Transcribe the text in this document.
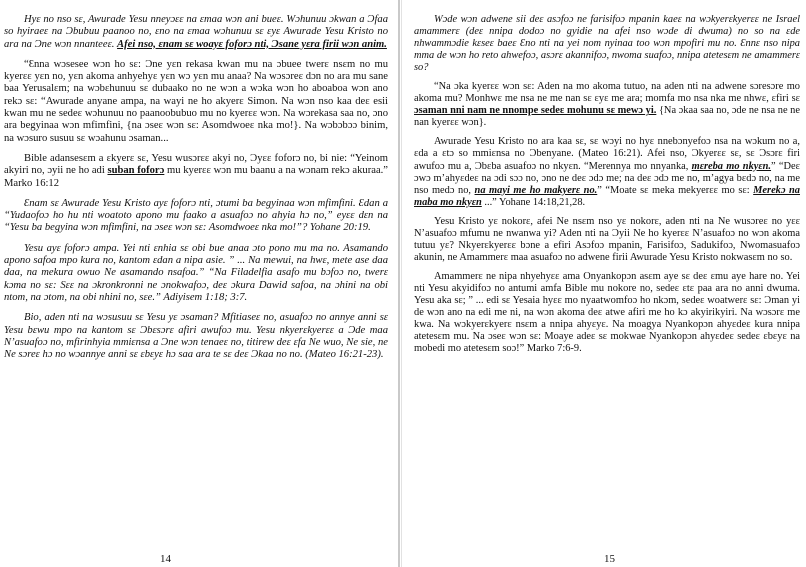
Hyɛ no nso sɛ, Awurade Yesu nneyɔɛɛ na ɛmaa wɔn ani bueɛ. Wɔhunuu ɔkwan a Ɔfaa so hyiraeɛ na Ɔbubuu paanoo no, ɛno na ɛmaa wɔhunuu sɛ ɛyɛ Awurade Yesu Kristo no ara na Ɔne wɔn nnanteeɛ. Afei nso, ɛnam sɛ woayɛ foforɔ nti, Ɔsane yɛra firii wɔn anim.

“Ɛnna wɔsesee wɔn ho sɛ: Ɔne yɛn rekasa kwan mu na ɔbuee twerɛ nsɛm no mu kyerɛɛ yɛn no, yɛn akoma anhyehyɛ yɛn wɔ yɛn mu anaa? Na wɔsɔreɛ dɔn no ara mu sane baa Yerusalɛm; na wɔbɛhunuu sɛ dubaako no ne wɔn a wɔka wɔn ho aboaboa wɔn ano rekɔ sɛ: “Awurade anyane ampa, na wayi ne ho akyerɛ Simon. Na wɔn nso kaa deɛ esii kwan mu ne sedeɛ wɔhunuu no paanoobubuo mu no kyerɛɛ wɔn. Na wɔrekasa saa no, ɔno ara begyinaa wɔn mfimfini, {na ɔseɛ wɔn sɛ: Asomdwoeɛ nka mo!}. Na wɔbɔbɔɔ binim, na wɔsuro susuu sɛ wɔahunu ɔsaman...

Bible adansesɛm a ɛkyerɛ sɛ, Yesu wusɔrɛɛ akyi no, Ɔyɛɛ foforɔ no, bi nie: “Yeinom akyiri no, ɔyii ne ho adi suban foforɔ mu kyerɛɛ wɔn mu baanu a na wɔnam rekɔ akuraa.” Marko 16:12

Ɛnam sɛ Awurade Yesu Kristo ayɛ foforɔ nti, ɔtumi ba begyinaa wɔn mfimfini. Ɛdan a “Yudaofoɔ ho hu nti woatoto apono mu faako a asuafoɔ no ahyia hɔ no,” eyɛɛ dɛn na “Yesu ba begyina wɔn mfimfini, na ɔseɛ wɔn sɛ: Asomdwoeɛ nka mo!”? Yohane 20:19.

Yesu ayɛ foforɔ ampa. Yei nti ɛnhia sɛ obi bue anaa ɔto pono mu ma no. Asamando apono safoa mpo kura no, kantom ɛdan a nipa asie. ” ... Na mewui, na hwɛ, mete ase daa daa, na mekura owuo Ne asamando nsafoa.” “Na Filadelfia asafo mu bɔfoɔ no, twerɛ kɔma no sɛ: Sɛɛ na ɔkronkronni ne ɔnokwafoɔ, deɛ ɔkura Dawid safoa, na ɔhini na obi ntom, na ɔtom, na obi nhini no, sɛe.” Adiyisem 1:18; 3:7.

Bio, aden nti na wɔsusuu sɛ Yesu yɛ ɔsaman? Mfitiaseɛ no, asuafoɔ no annye anni sɛ Yesu bɛwu mpo na kantom sɛ Ɔbɛsɔrɛ afiri awufoɔ mu. Yesu nkyerɛkyerɛɛ a Ɔde maa N’asuafoɔ no, mfirinhyia mmiɛnsa a Ɔne wɔn tenaeɛ no, titirew deɛ ɛfa Ne wuo, Ne sie, ne Ne sɔreɛ hɔ no wɔannye anni sɛ ɛbɛyɛ hɔ saa ara te sɛ deɛ Ɔkaa no no. (Mateo 16:21-23).

14

Wɔde wɔn adwene sii deɛ asɔfoɔ ne farisifoɔ mpanin kaeɛ na wɔkyerɛkyerɛɛ ne Israel amammerɛ (deɛ nnipa dodoɔ no gyidie na afei nso wɔde di dwuma) no so na ɛde nhwammɔdie kɛseɛ baeɛ Ɛno nti na yei nom nyinaa too wɔn mpofiri mu no. Ɛnnɛ nso nipa mma de wɔn ho reto ahwefoɔ, asɔrɛ akannifoɔ, nwoma suafoɔ, nnipa atetesɛm ne amammerɛ so?

“Na ɔka kyerɛɛ wɔn sɛ: Aden na mo akoma tutuo, na aden nti na adwene sɔresɔre mo akoma mu? Monhwɛ me nsa ne me nan sɛ ɛyɛ me ara; momfa mo nsa nka me nhwɛ, ɛfiri sɛ ɔsaman nni nam ne nnompe sedeɛ mohunu sɛ mewɔ yi. {Na ɔkaa saa no, ɔde ne nsa ne ne nan kyerɛɛ wɔn}.

Awurade Yesu Kristo no ara kaa sɛ, sɛ wɔyi no hyɛ nnebɔnyefoɔ nsa na wɔkum no a, ɛda a ɛtɔ so mmiɛnsa no Ɔbenyane. (Mateo 16:21). Afei nso, Ɔkyerɛɛ sɛ, sɛ Ɔsɔrɛ firi awufoɔ mu a, Ɔbɛba asuafoɔ no nkyɛn. “Merennya mo nnyanka, mɛreba mo nkyɛn.” “Deɛ ɔwɔ m’ahyɛdeɛ na ɔdi sɔɔ no, ɔno ne deɛ ɔdɔ me; na deɛ ɔdɔ me no, m’agya bɛdɔ no, na me nso medɔ no, na mayi me ho makyerɛ no.” “Moate sɛ meka mekyerɛɛ mo sɛ: Merekɔ na maba mo nkyɛn ...” Yohane 14:18,21,28.

Yesu Kristo yɛ nokorɛ, afei Ne nsɛm nso yɛ nokorɛ, aden nti na Ne wusɔreɛ no yɛɛ N’asuafoɔ mfumu ne nwanwa yi? Aden nti na Ɔyii Ne ho kyerɛɛ N’asuafoɔ no wɔn akoma tutuu yɛ? Nkyerɛkyerɛɛ bɔne a efiri Asɔfoɔ mpanin, Farisifoɔ, Sadukifoɔ, Nwomasuafoɔ akunin, ne Amammerɛ maa asuafoɔ no adwene firii Awurade Yesu Kristo nokwasɛm no so.

Amammerɛ ne nipa nhyehyɛɛ ama Onyankopɔn asɛm aye sɛ deɛ ɛmu aye hare no. Yei nti Yesu akyidifoɔ no antumi amfa Bible mu nokore no, sedeɛ ɛtɛ paa ara no anni dwuma. Yesu aka sɛ; ” ... edi sɛ Yesaia hyɛɛ mo nyaatwomfoɔ ho nkɔm, sedeɛ woatwerɛ sɛ: Ɔman yi de wɔn ano na edi me ni, na wɔn akoma deɛ atwe afiri me ho kɔ akyirikyiri. Na wɔsɔrɛ me kwa. Na wɔkyerɛkyerɛ nsɛm a nnipa ahyɛyɛ. Na moagya Nyankopɔn ahyɛdeɛ kura nnipa atetesɛm mu. Na ɔseɛ wɔn sɛ: Moaye adeɛ sɛ mokwae Nyankopɔn ahyɛdeɛ sedeɛ ɛbɛyɛ na mobedi mo atetesɛm soɔ!” Marko 7:6-9.

15
